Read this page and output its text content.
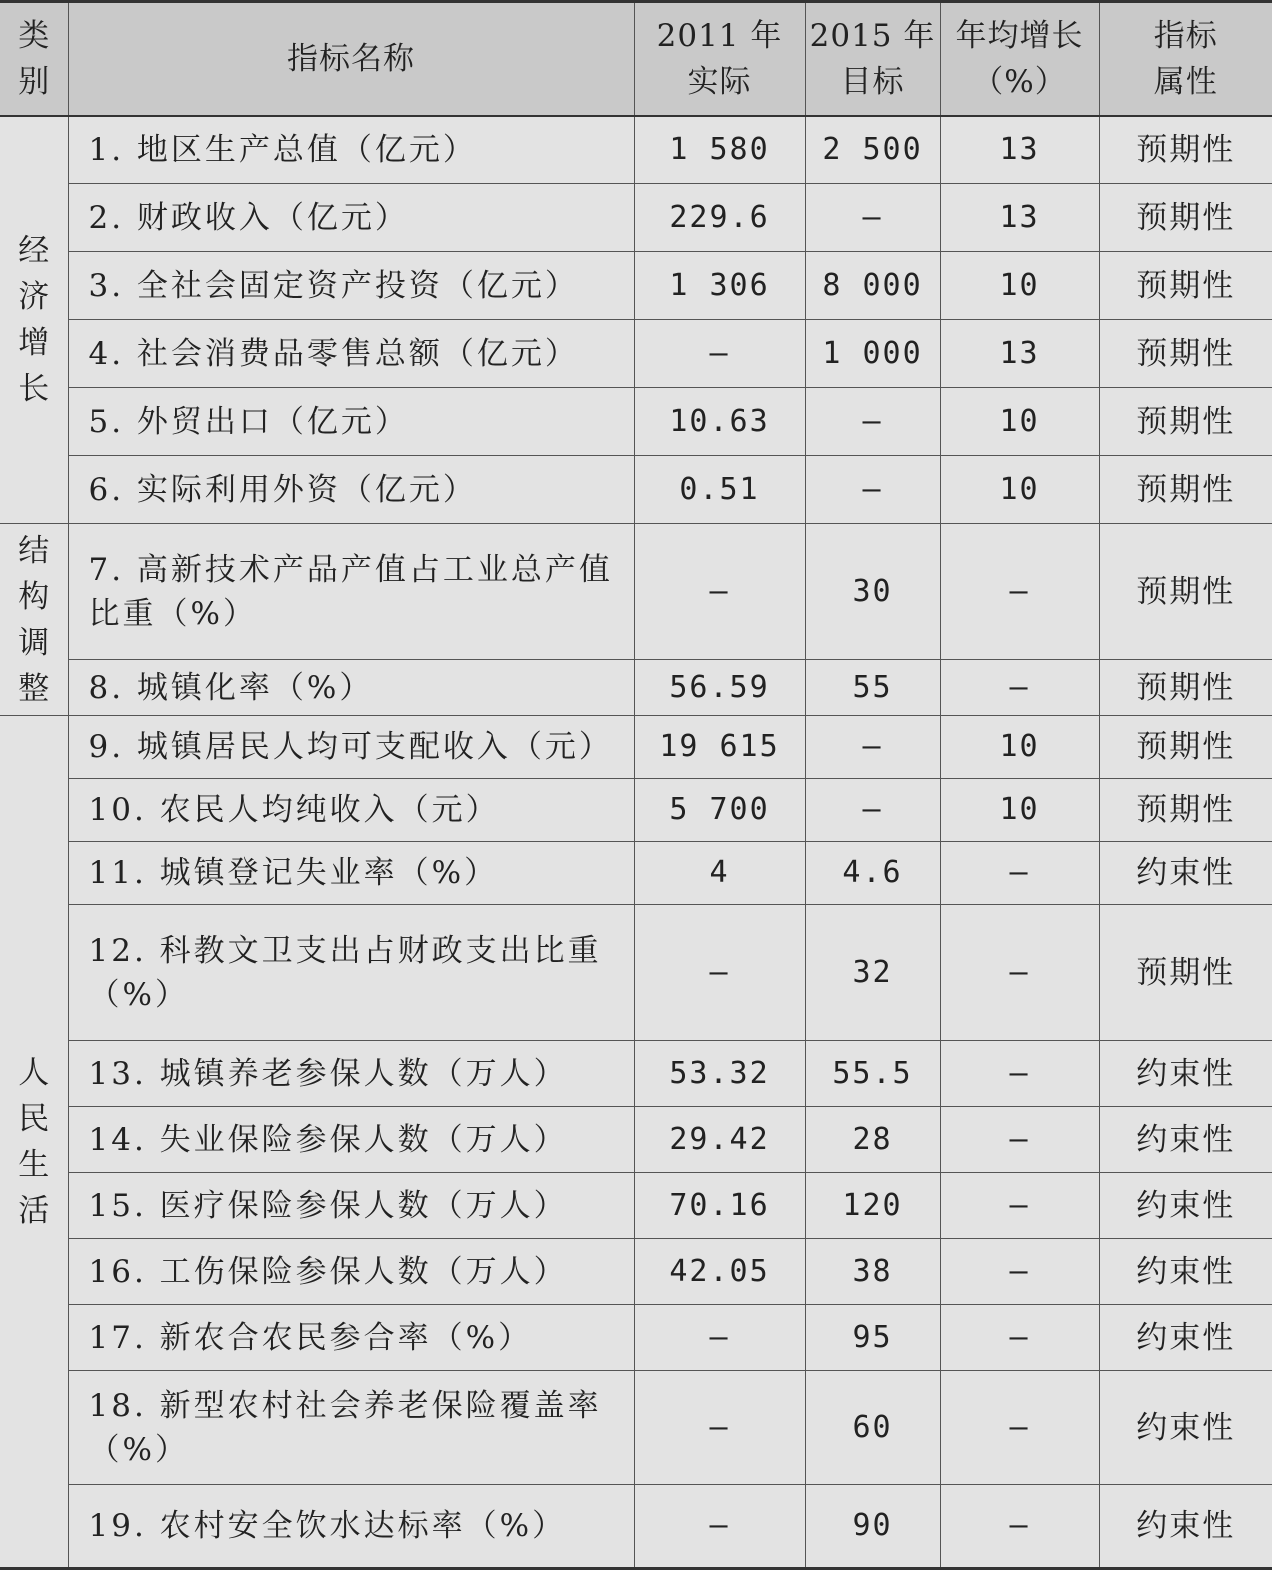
类别	指标名称	2011 年实际	2015 年目标	年均增长（%）	指标属性

经济增长	1. 地区生产总值（亿元）	1 580	2 500	13	预期性
	2. 财政收入（亿元）	229.6	—	13	预期性
	3. 全社会固定资产投资（亿元）	1 306	8 000	10	预期性
	4. 社会消费品零售总额（亿元）	—	1 000	13	预期性
	5. 外贸出口（亿元）	10.63	—	10	预期性
	6. 实际利用外资（亿元）	0.51	—	10	预期性
结构调整	7. 高新技术产品产值占工业总产值比重（%）	—	30	—	预期性
	8. 城镇化率（%）	56.59	55	—	预期性
人民生活	9. 城镇居民人均可支配收入（元）	19 615	—	10	预期性
	10. 农民人均纯收入（元）	5 700	—	10	预期性
	11. 城镇登记失业率（%）	4	4.6	—	约束性
	12. 科教文卫支出占财政支出比重（%）	—	32	—	预期性
	13. 城镇养老参保人数（万人）	53.32	55.5	—	约束性
	14. 失业保险参保人数（万人）	29.42	28	—	约束性
	15. 医疗保险参保人数（万人）	70.16	120	—	约束性
	16. 工伤保险参保人数（万人）	42.05	38	—	约束性
	17. 新农合农民参合率（%）	—	95	—	约束性
	18. 新型农村社会养老保险覆盖率（%）	—	60	—	约束性
	19. 农村安全饮水达标率（%）	—	90	—	约束性
